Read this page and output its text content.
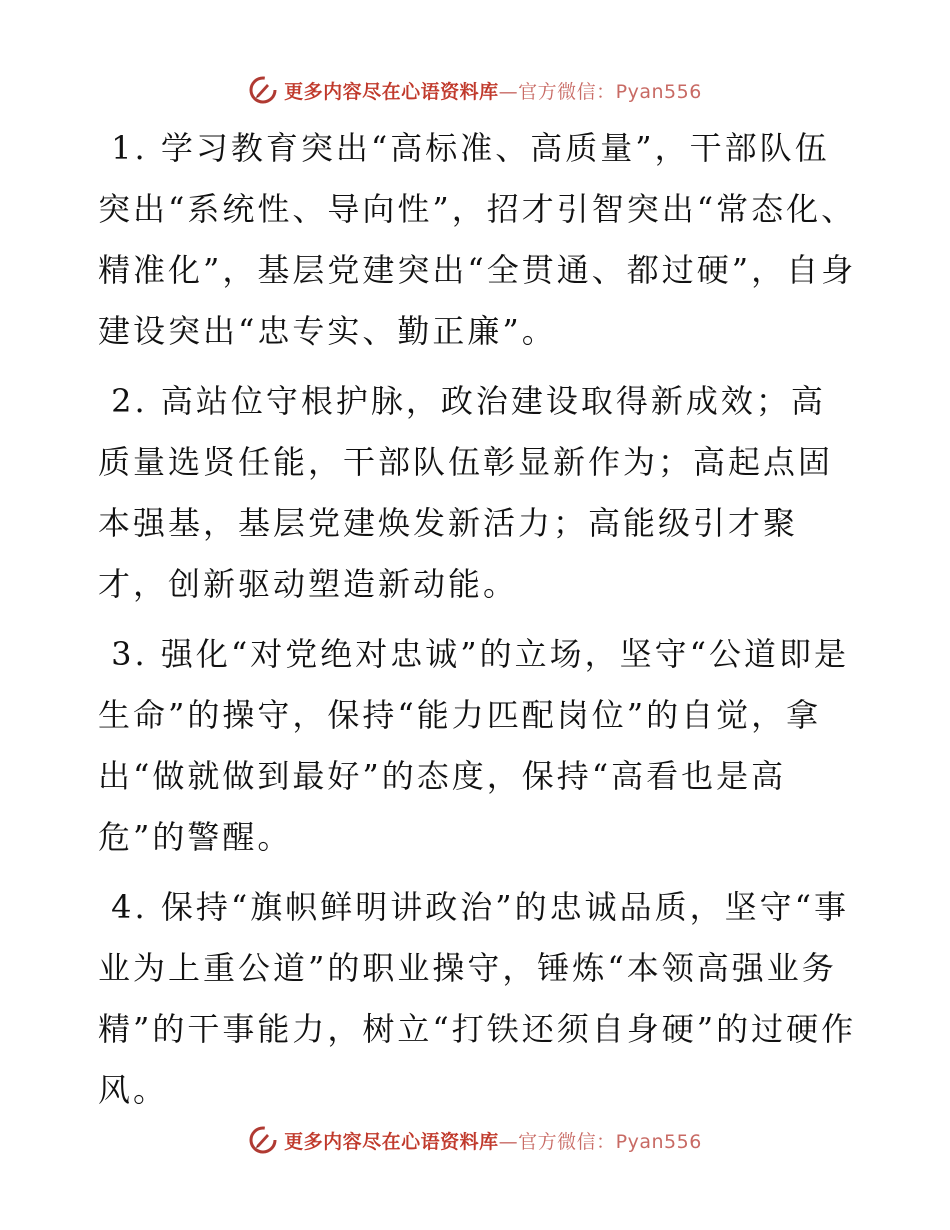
更多内容尽在心语资料库—官方微信：Pyan556

1. 学习教育突出“高标准、高质量”，干部队伍突出“系统性、导向性”，招才引智突出“常态化、精准化”，基层党建突出“全贯通、都过硬”，自身建设突出“忠专实、勤正廉”。

2. 高站位守根护脉，政治建设取得新成效；高质量选贤任能，干部队伍彰显新作为；高起点固本强基，基层党建焕发新活力；高能级引才聚才，创新驱动塑造新动能。

3. 强化“对党绝对忠诚”的立场，坚守“公道即是生命”的操守，保持“能力匹配岗位”的自觉，拿出“做就做到最好”的态度，保持“高看也是高危”的警醒。

4. 保持“旗帜鲜明讲政治”的忠诚品质，坚守“事业为上重公道”的职业操守，锤炼“本领高强业务精”的干事能力，树立“打铁还须自身硬”的过硬作风。

更多内容尽在心语资料库—官方微信：Pyan556
